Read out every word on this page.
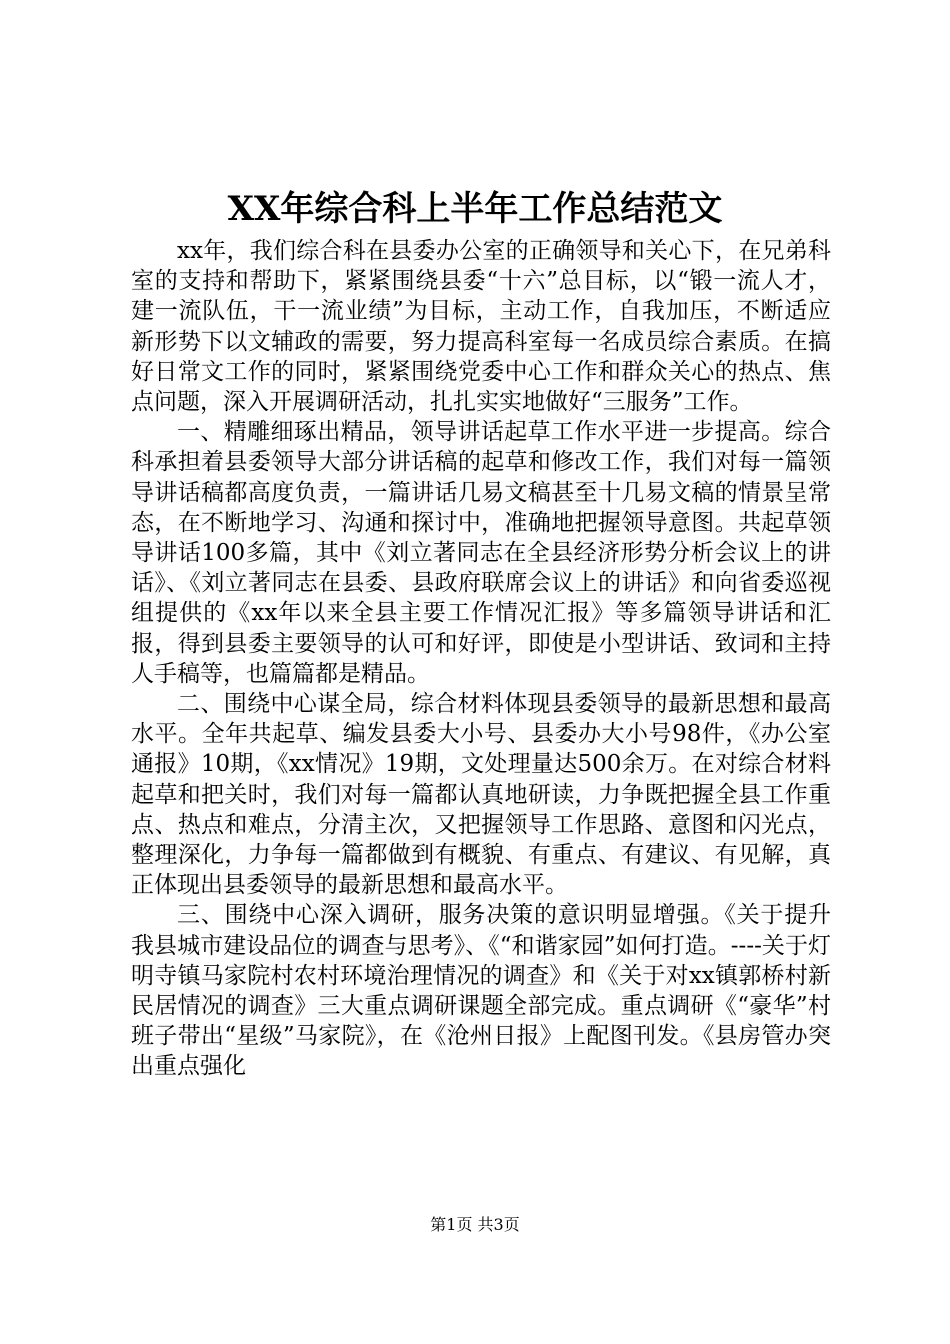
XX年综合科上半年工作总结范文

xx年，我们综合科在县委办公室的正确领导和关心下，在兄弟科室的支持和帮助下，紧紧围绕县委“十六”总目标，以“锻一流人才，建一流队伍，干一流业绩”为目标，主动工作，自我加压，不断适应新形势下以文辅政的需要，努力提高科室每一名成员综合素质。在搞好日常文工作的同时，紧紧围绕党委中心工作和群众关心的热点、焦点问题，深入开展调研活动，扎扎实实地做好“三服务”工作。

一、精雕细琢出精品，领导讲话起草工作水平进一步提高。综合科承担着县委领导大部分讲话稿的起草和修改工作，我们对每一篇领导讲话稿都高度负责，一篇讲话几易文稿甚至十几易文稿的情景呈常态，在不断地学习、沟通和探讨中，准确地把握领导意图。共起草领导讲话100多篇，其中《刘立著同志在全县经济形势分析会议上的讲话》、《刘立著同志在县委、县政府联席会议上的讲话》和向省委巡视组提供的《xx年以来全县主要工作情况汇报》等多篇领导讲话和汇报，得到县委主要领导的认可和好评，即使是小型讲话、致词和主持人手稿等，也篇篇都是精品。

二、围绕中心谋全局，综合材料体现县委领导的最新思想和最高水平。全年共起草、编发县委大小号、县委办大小号98件，《办公室通报》10期，《xx情况》19期，文处理量达500余万。在对综合材料起草和把关时，我们对每一篇都认真地研读，力争既把握全县工作重点、热点和难点，分清主次，又把握领导工作思路、意图和闪光点，整理深化，力争每一篇都做到有概貌、有重点、有建议、有见解，真正体现出县委领导的最新思想和最高水平。

三、围绕中心深入调研，服务决策的意识明显增强。《关于提升我县城市建设品位的调查与思考》、《“和谐家园”如何打造。----关于灯明寺镇马家院村农村环境治理情况的调查》和《关于对xx镇郭桥村新民居情况的调查》三大重点调研课题全部完成。重点调研《“豪华”村班子带出“星级”马家院》，在《沧州日报》上配图刊发。《县房管办突出重点强化

第1页 共3页
